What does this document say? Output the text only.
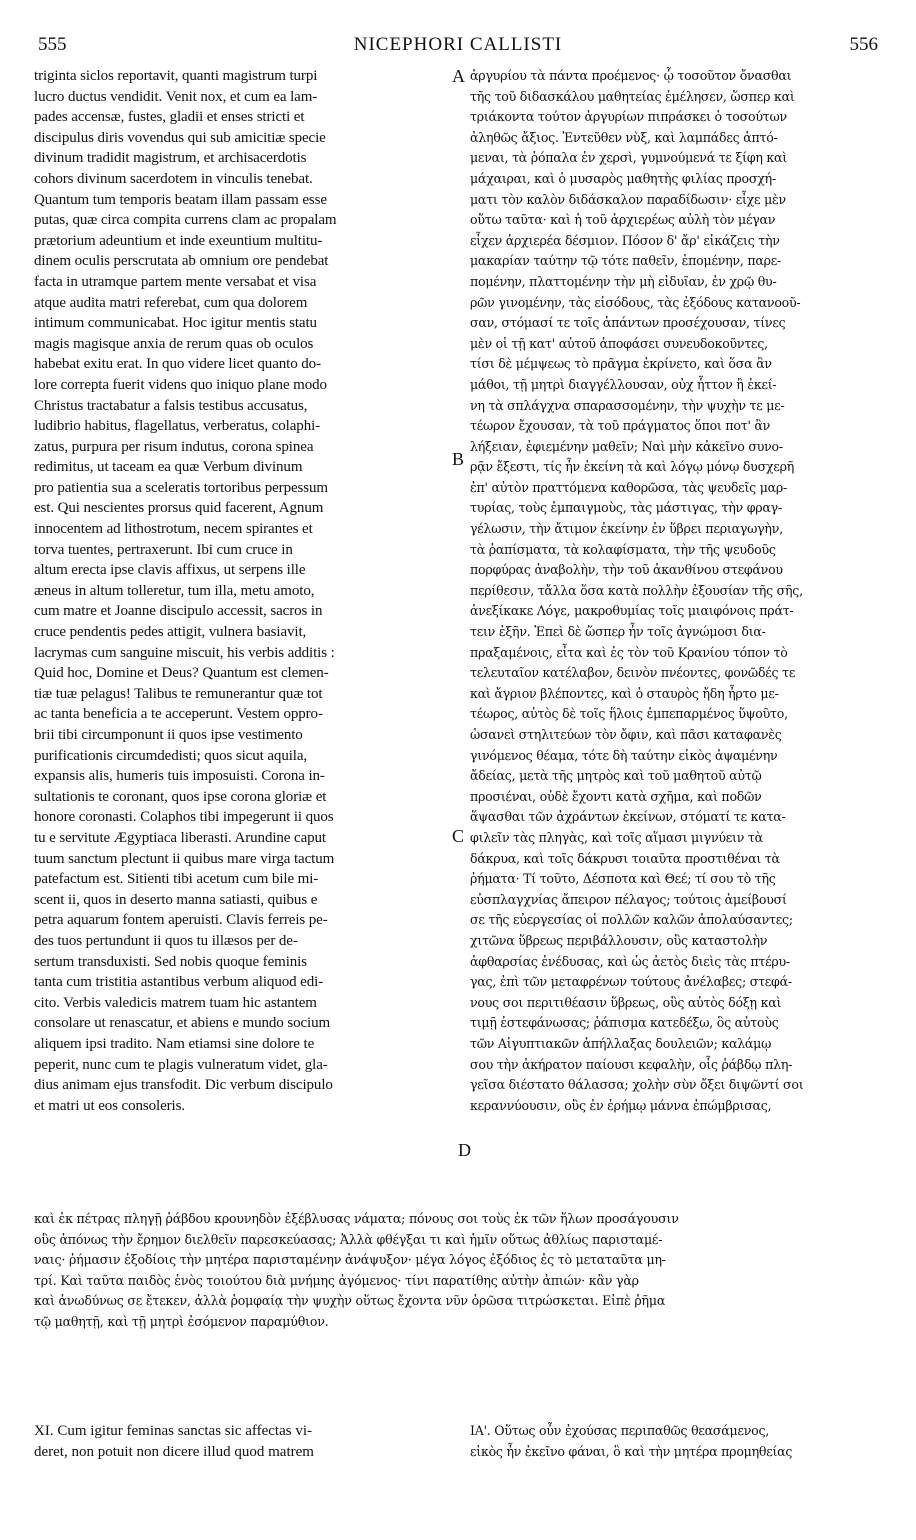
555	NICEPHORI CALLISTI	556
A
B
C
D
triginta siclos reportavit, quanti magistrum turpi
lucro ductus vendidit. Venit nox, et cum ea lam-
pades accensæ, fustes, gladii et enses stricti et
discipulus diris vovendus qui sub amicitiæ specie
divinum tradidit magistrum, et archisacerdotis
cohors divinum sacerdotem in vinculis tenebat.
Quantum tum temporis beatam illam passam esse
putas, quæ circa compita currens clam ac propalam
prætorium adeuntium et inde exeuntium multitu-
dinem oculis perscrutata ab omnium ore pendebat
facta in utramque partem mente versabat et visa
atque audita matri referebat, cum qua dolorem
intimum communicabat. Hoc igitur mentis statu
magis magisque anxia de rerum quas ob oculos
habebat exitu erat. In quo videre licet quanto do-
lore correpta fuerit videns quo iniquo plane modo
Christus tractabatur a falsis testibus accusatus,
ludibrio habitus, flagellatus, verberatus, colaphi-
zatus, purpura per risum indutus, corona spinea
redimitus, ut taceam ea quæ Verbum divinum
pro patientia sua a sceleratis tortoribus perpessum
est. Qui nescientes prorsus quid facerent, Agnum
innocentem ad lithostrotum, necem spirantes et
torva tuentes, pertraxerunt. Ibi cum cruce in
altum erecta ipse clavis affixus, ut serpens ille
æneus in altum tolleretur, tum illa, metu amoto,
cum matre et Joanne discipulo accessit, sacros in
cruce pendentis pedes attigit, vulnera basiavit,
lacrymas cum sanguine miscuit, his verbis additis :
Quid hoc, Domine et Deus? Quantum est clemen-
tiæ tuæ pelagus! Talibus te remunerantur quæ tot
ac tanta beneficia a te acceperunt. Vestem oppro-
brii tibi circumponunt ii quos ipse vestimento
purificationis circumdedisti; quos sicut aquila,
expansis alis, humeris tuis imposuisti. Corona in-
sultationis te coronant, quos ipse corona gloriæ et
honore coronasti. Colaphos tibi impegerunt ii quos
tu e servitute Ægyptiaca liberasti. Arundine caput
tuum sanctum plectunt ii quibus mare virga tactum
patefactum est. Sitienti tibi acetum cum bile mi-
scent ii, quos in deserto manna satiasti, quibus e
petra aquarum fontem aperuisti. Clavis ferreis pe-
des tuos pertundunt ii quos tu illæsos per de-
sertum transduxisti. Sed nobis quoque feminis
tanta cum tristitia astantibus verbum aliquod edi-
cito. Verbis valedicis matrem tuam hic astantem
consolare ut renascatur, et abiens e mundo socium
aliquem ipsi tradito. Nam etiamsi sine dolore te
peperit, nunc cum te plagis vulneratum videt, gla-
dius animam ejus transfodit. Dic verbum discipulo
et matri ut eos consoleris.
ἀργυρίου τὰ πάντα προέμενος· ᾧ τοσοῦτον ὄνασθαι
τῆς τοῦ διδασκάλου μαθητείας ἐμέλησεν, ὥσπερ καὶ
τριάκοντα τούτον ἀργυρίων πιπράσκει ὁ τοσούτων
ἀληθῶς ἄξιος. Ἐντεῦθεν νὺξ, καὶ λαμπάδες ἁπτό-
μεναι, τὰ ῥόπαλα ἐν χερσὶ, γυμνούμενά τε ξίφη καὶ
μάχαιραι, καὶ ὁ μυσαρὸς μαθητὴς φιλίας προσχή-
ματι τὸν καλὸν διδάσκαλον παραδίδωσιν· εἶχε μὲν
οὕτω ταῦτα· καὶ ἡ τοῦ ἀρχιερέως αὐλὴ τὸν μέγαν
εἶχεν ἀρχιερέα δέσμιον. Πόσον δ' ἄρ' εἰκάζεις τὴν
μακαρίαν ταύτην τῷ τότε παθεῖν, ἑπομένην, παρε-
πομένην, πλαττομένην τὴν μὴ εἰδυῖαν, ἐν χρῷ θυ-
ρῶν γινομένην, τὰς εἰσόδους, τὰς ἐξόδους κατανοοῦ-
σαν, στόμασί τε τοῖς ἁπάντων προσέχουσαν, τίνες
μὲν οἱ τῇ κατ' αὐτοῦ ἀποφάσει συνευδοκοῦντες,
τίσι δὲ μέμψεως τὸ πρᾶγμα ἐκρίνετο, καὶ ὅσα ἂν
μάθοι, τῇ μητρὶ διαγγέλλουσαν, οὐχ ἧττον ἢ ἐκεί-
νη τὰ σπλάγχνα σπαρασσομένην, τὴν ψυχὴν τε με-
τέωρον ἔχουσαν, τὰ τοῦ πράγματος ὅποι ποτ' ἂν
λήξειαν, ἐφιεμένην μαθεῖν; Ναὶ μὴν κἀκεῖνο συνο-
ρᾷν ἔξεστι, τίς ἦν ἐκείνη τὰ καὶ λόγῳ μόνῳ δυσχερῆ
ἐπ' αὐτὸν πραττόμενα καθορῶσα, τὰς ψευδεῖς μαρ-
τυρίας, τοὺς ἐμπαιγμοὺς, τὰς μάστιγας, τὴν φραγ-
γέλωσιν, τὴν ἄτιμον ἐκείνην ἐν ὕβρει περιαγωγὴν,
τὰ ῥαπίσματα, τὰ κολαφίσματα, τὴν τῆς ψευδοῦς
πορφύρας ἀναβολὴν, τὴν τοῦ ἀκανθίνου στεφάνου
περίθεσιν, τἄλλα ὅσα κατὰ πολλὴν ἐξουσίαν τῆς σῆς,
ἀνεξίκακε Λόγε, μακροθυμίας τοῖς μιαιφόνοις πράτ-
τειν ἐξῆν. Ἐπεὶ δὲ ὥσπερ ἦν τοῖς ἀγνώμοσι δια-
πραξαμένοις, εἶτα καὶ ἐς τὸν τοῦ Κρανίου τόπον τὸ
τελευταῖον κατέλαβον, δεινὸν πνέοντες, φονῶδές τε
καὶ ἄγριον βλέποντες, καὶ ὁ σταυρὸς ἤδη ἦρτο με-
τέωρος, αὐτὸς δὲ τοῖς ἥλοις ἐμπεπαρμένος ὕψοῦτο,
ὡσανεὶ στηλιτεύων τὸν ὄφιν, καὶ πᾶσι καταφανὲς
γινόμενος θέαμα, τότε δὴ ταύτην εἰκὸς ἀψαμένην
ἄδείας, μετὰ τῆς μητρὸς καὶ τοῦ μαθητοῦ αὐτῷ
προσιέναι, οὐδὲ ἔχοντι κατὰ σχῆμα, καὶ ποδῶν
ἅψασθαι τῶν ἀχράντων ἐκείνων, στόματί τε κατα-
φιλεῖν τὰς πληγὰς, καὶ τοῖς αἵμασι μιγνύειν τὰ
δάκρυα, καὶ τοῖς δάκρυσι τοιαῦτα προστιθέναι τὰ
ῥήματα· Τί τοῦτο, Δέσποτα καὶ Θεέ; τί σου τὸ τῆς
εὐσπλαγχνίας ἄπειρον πέλαγος; τούτοις ἀμείβουσί
σε τῆς εὐεργεσίας οἱ πολλῶν καλῶν ἀπολαύσαντες;
χιτῶνα ὕβρεως περιβάλλουσιν, οὓς καταστολὴν
ἀφθαρσίας ἐνέδυσας, καὶ ὡς ἀετὸς διεὶς τὰς πτέρυ-
γας, ἐπὶ τῶν μεταφρένων τούτους ἀνέλαβες; στεφά-
νους σοι περιτιθέασιν ὕβρεως, οὓς αὐτὸς δόξῃ καὶ
τιμῇ ἐστεφάνωσας; ῥάπισμα κατεδέξω, ὃς αὐτοὺς
τῶν Αἰγυπτιακῶν ἀπήλλαξας δουλειῶν; καλάμῳ
σου τὴν ἀκήρατον παίουσι κεφαλὴν, οἷς ῥάβδῳ πλη-
γεῖσα διέστατο θάλασσα; χολὴν σὺν ὄξει διψῶντί σοι
κεραννύουσιν, οὓς ἐν ἐρήμῳ μάννα ἐπώμβρισας,
καὶ ἐκ πέτρας πληγῇ ῥάβδου κρουνηδὸν ἐξέβλυσας νάματα; πόνους σοι τοὺς ἐκ τῶν ἥλων προσάγουσιν
οὓς ἀπόνως τὴν ἔρημον διελθεῖν παρεσκεύασας; Ἀλλὰ φθέγξαι τι καὶ ἡμῖν οὕτως ἀθλίως παρισταμέ-
ναις· ῥήμασιν ἐξοδίοις τὴν μητέρα παρισταμένην ἀνάψυξον· μέγα λόγος ἐξόδιος ἐς τὸ μεταταῦτα μη-
τρί. Καὶ ταῦτα παιδὸς ἑνὸς τοιούτου διὰ μνήμης ἀγόμενος· τίνι παρατίθης αὐτὴν ἀπιών· κἂν γὰρ
καὶ ἀνωδύνως σε ἔτεκεν, ἀλλὰ ῥομφαίᾳ τὴν ψυχὴν οὕτως ἔχοντα νῦν ὁρῶσα τιτρώσκεται. Εἰπὲ ῥῆμα
τῷ μαθητῇ, καὶ τῇ μητρὶ ἐσόμενον παραμύθιον.
XI. Cum igitur feminas sanctas sic affectas vi-
deret, non potuit non dicere illud quod matrem
ΙΑ'. Οὕτως οὖν ἐχούσας περιπαθῶς θεασάμενος,
εἰκὸς ἦν ἐκεῖνο φάναι, ὃ καὶ τὴν μητέρα προμηθείας
